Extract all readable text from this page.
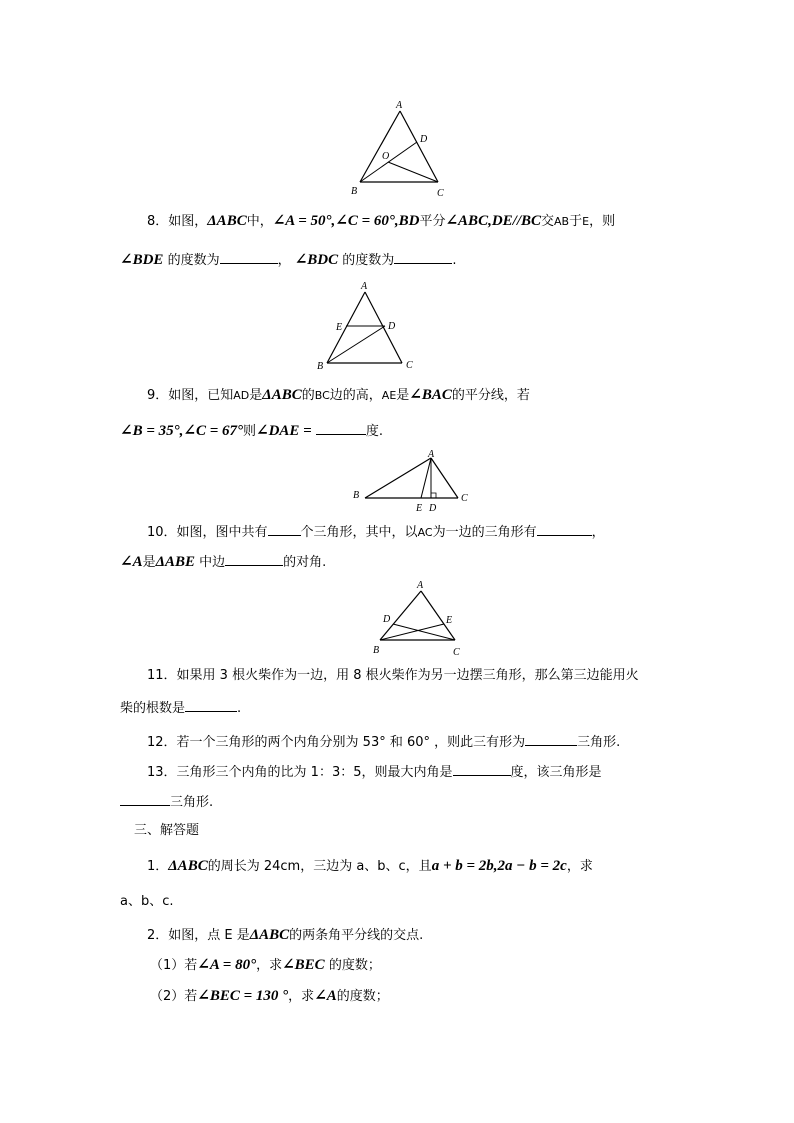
A
D
O
B	C
8．如图，ΔABC中，∠A = 50°,∠C = 60°,BD平分∠ABC,DE//BC交AB于E，则
∠BDE 的度数为	， ∠BDC 的度数为	.
A
E	D
B	C
9．如图，已知AD是ΔABC的BC边的高，AE是∠BAC的平分线，若
∠B = 35°,∠C = 67°则∠DAE =	度.
A
B
E D
C
10．如图，图中共有	个三角形，其中，以AC为一边的三角形有	，
∠A是ΔABE 中边	的对角.
A
D	E
B	C
11．如果用 3 根火柴作为一边，用 8 根火柴作为另一边摆三角形，那么第三边能用火
柴的根数是	.
12．若一个三角形的两个内角分别为 53° 和 60° ，则此三有形为	三角形.
13．三角形三个内角的比为 1：3：5，则最大内角是	度，该三角形是
三角形.
三、解答题
1．ΔABC的周长为 24cm，三边为 a、b、c，且a + b = 2b,2a − b = 2c，求
a、b、c.
2．如图，点 E 是ΔABC的两条角平分线的交点.
（1）若∠A = 80°，求∠BEC 的度数；
（2）若∠BEC = 130 °，求∠A的度数；
